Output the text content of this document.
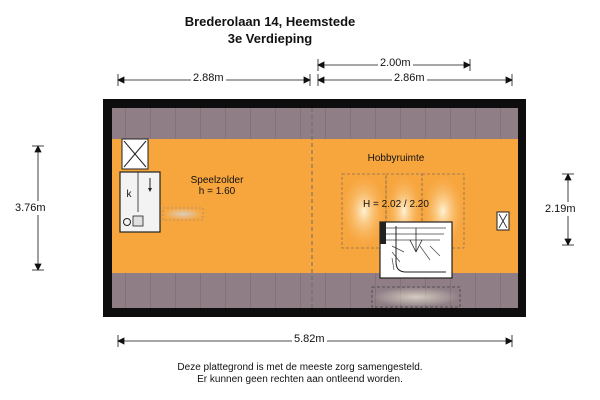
Brederolaan 14, Heemstede
3e Verdieping
k
Speelzolder
h = 1.60
Hobbyruimte
H = 2.02 / 2.20
2.88m
2.00m
2.86m
5.82m
3.76m	2.19m
Deze plattegrond is met de meeste zorg samengesteld.
Er kunnen geen rechten aan ontleend worden.
